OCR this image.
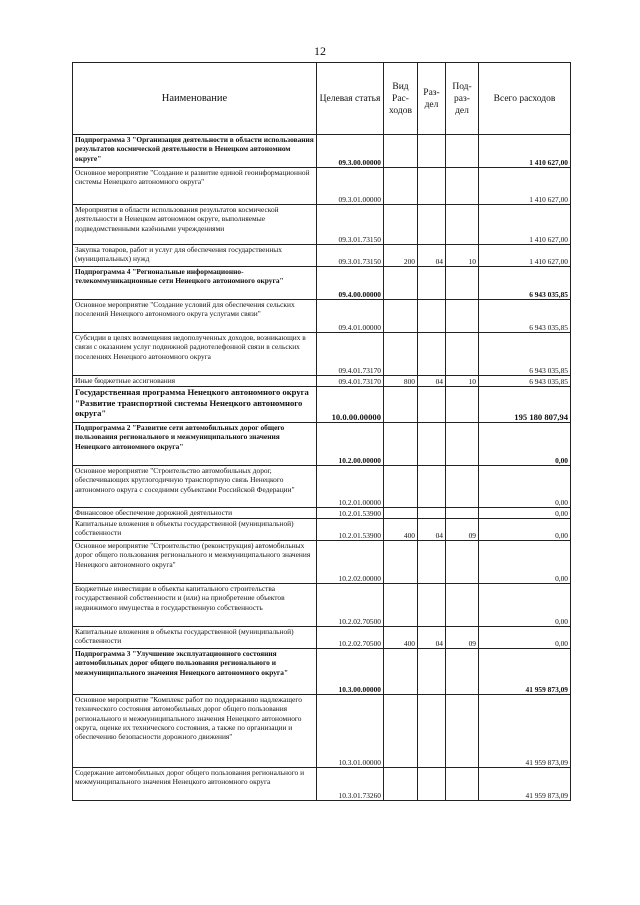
12
Наименование	Целевая статья	Вид Рас- ходов	Раз- дел	Под- раз- дел	Всего расходов
Подпрограмма 3 "Организация деятельности в области использования результатов космической деятельности в Ненецком автономном округе"	09.3.00.00000				1 410 627,00
Основное мероприятие "Создание и развитие единой геоинформационной системы Ненецкого автономного округа"	09.3.01.00000				1 410 627,00
Мероприятия в области использования результатов космической деятельности в Ненецком автономном округе, выполняемые подведомственными казёнными учреждениями	09.3.01.73150				1 410 627,00
Закупка товаров, работ и услуг для обеспечения государственных (муниципальных) нужд	09.3.01.73150	200	04	10	1 410 627,00
Подпрограмма 4 "Региональные информационно-телекоммуникационные сети Ненецкого автономного округа"	09.4.00.00000				6 943 035,85
Основное мероприятие "Создание условий для обеспечения сельских поселений Ненецкого автономного округа услугами связи"	09.4.01.00000				6 943 035,85
Субсидии в целях возмещения недополученных доходов, возникающих в связи с оказанием услуг подвижной радиотелефонной связи в сельских поселениях Ненецкого автономного округа	09.4.01.73170				6 943 035,85
Иные бюджетные ассигнования	09.4.01.73170	800	04	10	6 943 035,85
Государственная программа Ненецкого автономного округа "Развитие транспортной системы Ненецкого автономного округа"	10.0.00.00000				195 180 807,94
Подпрограмма 2 "Развитие сети автомобильных дорог общего пользования регионального и межмуниципального значения Ненецкого автономного округа"	10.2.00.00000				0,00
Основное мероприятие "Строительство автомобильных дорог, обеспечивающих круглогодичную транспортную связь Ненецкого автономного округа с соседними субъектами Российской Федерации"	10.2.01.00000				0,00
Финансовое обеспечение дорожной деятельности	10.2.01.53900				0,00
Капитальные вложения в объекты государственной (муниципальной) собственности	10.2.01.53900	400	04	09	0,00
Основное мероприятие "Строительство (реконструкция) автомобильных дорог общего пользования регионального и межмуниципального значения Ненецкого автономного округа"	10.2.02.00000				0,00
Бюджетные инвестиции в объекты капитального строительства государственной собственности и (или) на приобретение объектов недвижимого имущества в государственную собственность	10.2.02.70500				0,00
Капитальные вложения в объекты государственной (муниципальной) собственности	10.2.02.70500	400	04	09	0,00
Подпрограмма 3 "Улучшение эксплуатационного состояния автомобильных дорог общего пользования регионального и межмуниципального значения Ненецкого автономного округа"	10.3.00.00000				41 959 873,09
Основное мероприятие "Комплекс работ по поддержанию надлежащего технического состояния автомобильных дорог общего пользования регионального и межмуниципального значения Ненецкого автономного округа, оценке их технического состояния, а также по организации и обеспечению безопасности дорожного движения"	10.3.01.00000				41 959 873,09
Содержание автомобильных дорог общего пользования регионального и межмуниципального значения Ненецкого автономного округа	10.3.01.73260				41 959 873,09
